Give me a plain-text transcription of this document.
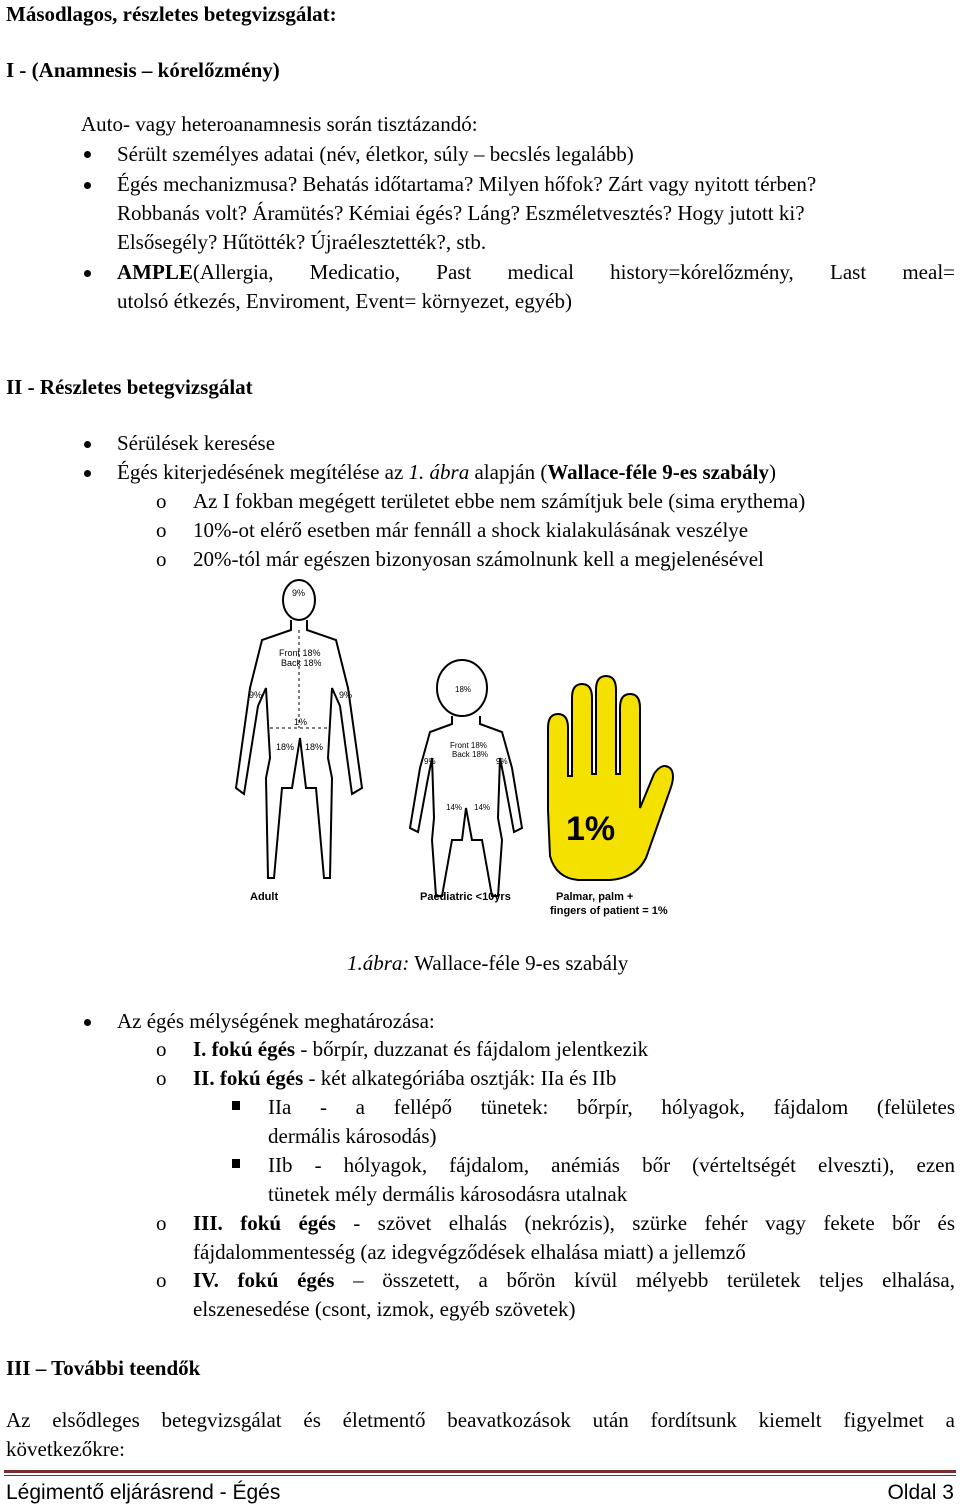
Másodlagos, részletes betegvizsgálat:
I - (Anamnesis – kórelőzmény)
Auto- vagy heteroanamnesis során tisztázandó:
Sérült személyes adatai (név, életkor, súly – becslés legalább)
Égés mechanizmusa? Behatás időtartama? Milyen hőfok? Zárt vagy nyitott térben?
Robbanás volt? Áramütés? Kémiai égés? Láng? Eszméletvesztés? Hogy jutott ki?
Elsősegély? Hűtötték? Újraélesztették?, stb.
AMPLE(Allergia, Medicatio, Past medical history=kórelőzmény, Last meal=
utolsó étkezés, Enviroment, Event= környezet, egyéb)
II - Részletes betegvizsgálat
Sérülések keresése
Égés kiterjedésének megítélése az 1. ábra alapján (Wallace-féle 9-es szabály)
o Az I fokban megégett területet ebbe nem számítjuk bele (sima erythema)
o 10%-ot elérő esetben már fennáll a shock kialakulásának veszélye
o 20%-tól már egészen bizonyosan számolnunk kell a megjelenésével
9%
Front 18%
Back 18%
9%	9%
1%
18% 18%
Adult
18%
Front 18%
Back 18%
9%	9%
14% 14%
Paediatric <10yrs
1%
Palmar, palm +
fingers of patient = 1%
1.ábra: Wallace-féle 9-es szabály
Az égés mélységének meghatározása:
o I. fokú égés - bőrpír, duzzanat és fájdalom jelentkezik
o II. fokú égés - két alkategóriába osztják: IIa és IIb
IIa - a fellépő tünetek: bőrpír, hólyagok, fájdalom (felületes
dermális károsodás)
IIb - hólyagok, fájdalom, anémiás bőr (vérteltségét elveszti), ezen
tünetek mély dermális károsodásra utalnak
o III. fokú égés - szövet elhalás (nekrózis), szürke fehér vagy fekete bőr és
fájdalommentesség (az idegvégződések elhalása miatt) a jellemző
o IV. fokú égés – összetett, a bőrön kívül mélyebb területek teljes elhalása,
elszenesedése (csont, izmok, egyéb szövetek)
III – További teendők
Az elsődleges betegvizsgálat és életmentő beavatkozások után fordítsunk kiemelt figyelmet a
következőkre:
Légimentő eljárásrend - Égés	Oldal 3
